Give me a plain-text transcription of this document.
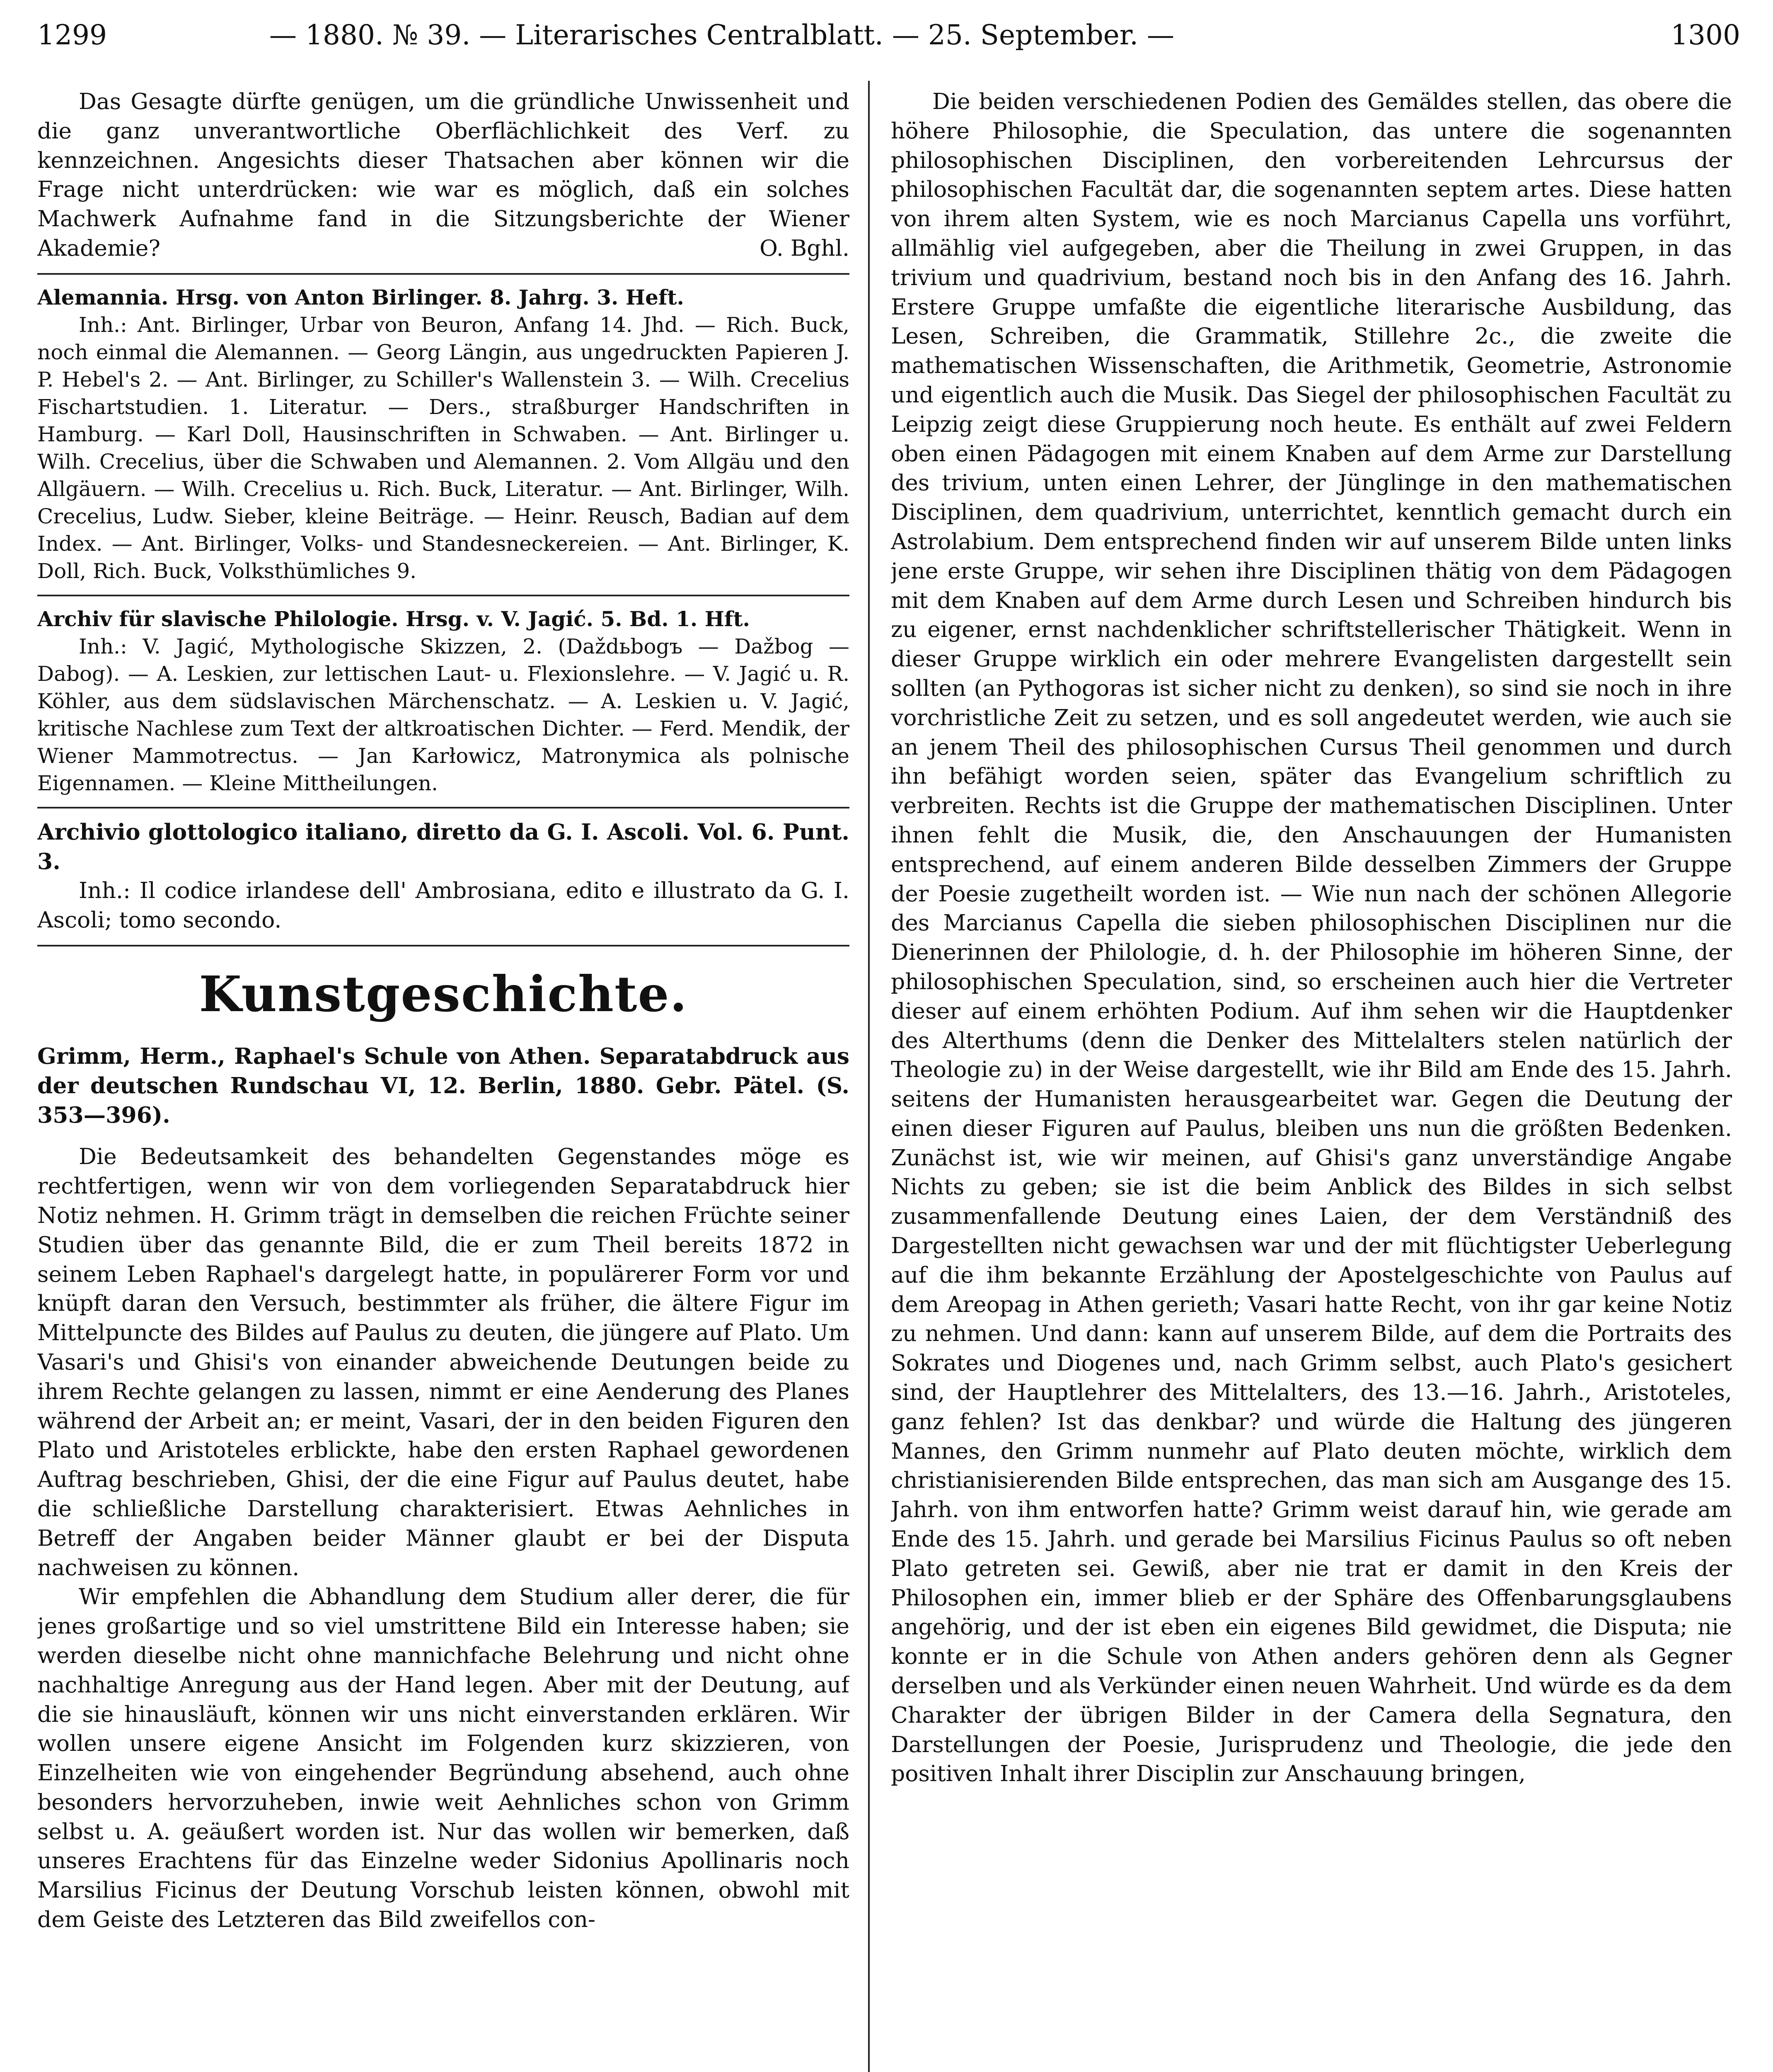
1299	— 1880. № 39. — Literarisches Centralblatt. — 25. September. —	1300

Das Gesagte dürfte genügen, um die gründliche Unwissenheit und die ganz unverantwortliche Oberflächlichkeit des Verf. zu kennzeichnen. Angesichts dieser Thatsachen aber können wir die Frage nicht unterdrücken: wie war es möglich, daß ein solches Machwerk Aufnahme fand in die Sitzungsberichte der Wiener Akademie?	O. Bghl.

Alemannia. Hrsg. von Anton Birlinger. 8. Jahrg. 3. Heft.

Inh.: Ant. Birlinger, Urbar von Beuron, Anfang 14. Jhd. — Rich. Buck, noch einmal die Alemannen. — Georg Längin, aus ungedruckten Papieren J. P. Hebel's 2. — Ant. Birlinger, zu Schiller's Wallenstein 3. — Wilh. Crecelius Fischartstudien. 1. Literatur. — Ders., straßburger Handschriften in Hamburg. — Karl Doll, Hausinschriften in Schwaben. — Ant. Birlinger u. Wilh. Crecelius, über die Schwaben und Alemannen. 2. Vom Allgäu und den Allgäuern. — Wilh. Crecelius u. Rich. Buck, Literatur. — Ant. Birlinger, Wilh. Crecelius, Ludw. Sieber, kleine Beiträge. — Heinr. Reusch, Badian auf dem Index. — Ant. Birlinger, Volks- und Standesneckereien. — Ant. Birlinger, K. Doll, Rich. Buck, Volksthümliches 9.

Archiv für slavische Philologie. Hrsg. v. V. Jagić. 5. Bd. 1. Hft.

Inh.: V. Jagić, Mythologische Skizzen, 2. (Daždьbogъ — Dažbog — Dabog). — A. Leskien, zur lettischen Laut- u. Flexionslehre. — V. Jagić u. R. Köhler, aus dem südslavischen Märchenschatz. — A. Leskien u. V. Jagić, kritische Nachlese zum Text der altkroatischen Dichter. — Ferd. Mendik, der Wiener Mammotrectus. — Jan Karłowicz, Matronymica als polnische Eigennamen. — Kleine Mittheilungen.

Archivio glottologico italiano, diretto da G. I. Ascoli. Vol. 6. Punt. 3.

Inh.: Il codice irlandese dell' Ambrosiana, edito e illustrato da G. I. Ascoli; tomo secondo.

Kunstgeschichte.

Grimm, Herm., Raphael's Schule von Athen. Separatabdruck aus der deutschen Rundschau VI, 12. Berlin, 1880. Gebr. Pätel. (S. 353—396).

Die Bedeutsamkeit des behandelten Gegenstandes möge es rechtfertigen, wenn wir von dem vorliegenden Separatabdruck hier Notiz nehmen. H. Grimm trägt in demselben die reichen Früchte seiner Studien über das genannte Bild, die er zum Theil bereits 1872 in seinem Leben Raphael's dargelegt hatte, in populärerer Form vor und knüpft daran den Versuch, bestimmter als früher, die ältere Figur im Mittelpuncte des Bildes auf Paulus zu deuten, die jüngere auf Plato. Um Vasari's und Ghisi's von einander abweichende Deutungen beide zu ihrem Rechte gelangen zu lassen, nimmt er eine Aenderung des Planes während der Arbeit an; er meint, Vasari, der in den beiden Figuren den Plato und Aristoteles erblickte, habe den ersten Raphael gewordenen Auftrag beschrieben, Ghisi, der die eine Figur auf Paulus deutet, habe die schließliche Darstellung charakterisiert. Etwas Aehnliches in Betreff der Angaben beider Männer glaubt er bei der Disputa nachweisen zu können.

Wir empfehlen die Abhandlung dem Studium aller derer, die für jenes großartige und so viel umstrittene Bild ein Interesse haben; sie werden dieselbe nicht ohne mannichfache Belehrung und nicht ohne nachhaltige Anregung aus der Hand legen. Aber mit der Deutung, auf die sie hinausläuft, können wir uns nicht einverstanden erklären. Wir wollen unsere eigene Ansicht im Folgenden kurz skizzieren, von Einzelheiten wie von eingehender Begründung absehend, auch ohne besonders hervorzuheben, inwie weit Aehnliches schon von Grimm selbst u. A. geäußert worden ist. Nur das wollen wir bemerken, daß unseres Erachtens für das Einzelne weder Sidonius Apollinaris noch Marsilius Ficinus der Deutung Vorschub leisten können, obwohl mit dem Geiste des Letzteren das Bild zweifellos con-

Die beiden verschiedenen Podien des Gemäldes stellen, das obere die höhere Philosophie, die Speculation, das untere die sogenannten philosophischen Disciplinen, den vorbereitenden Lehrcursus der philosophischen Facultät dar, die sogenannten septem artes. Diese hatten von ihrem alten System, wie es noch Marcianus Capella uns vorführt, allmählig viel aufgegeben, aber die Theilung in zwei Gruppen, in das trivium und quadrivium, bestand noch bis in den Anfang des 16. Jahrh. Erstere Gruppe umfaßte die eigentliche literarische Ausbildung, das Lesen, Schreiben, die Grammatik, Stillehre 2c., die zweite die mathematischen Wissenschaften, die Arithmetik, Geometrie, Astronomie und eigentlich auch die Musik. Das Siegel der philosophischen Facultät zu Leipzig zeigt diese Gruppierung noch heute. Es enthält auf zwei Feldern oben einen Pädagogen mit einem Knaben auf dem Arme zur Darstellung des trivium, unten einen Lehrer, der Jünglinge in den mathematischen Disciplinen, dem quadrivium, unterrichtet, kenntlich gemacht durch ein Astrolabium. Dem entsprechend finden wir auf unserem Bilde unten links jene erste Gruppe, wir sehen ihre Disciplinen thätig von dem Pädagogen mit dem Knaben auf dem Arme durch Lesen und Schreiben hindurch bis zu eigener, ernst nachdenklicher schriftstellerischer Thätigkeit. Wenn in dieser Gruppe wirklich ein oder mehrere Evangelisten dargestellt sein sollten (an Pythogoras ist sicher nicht zu denken), so sind sie noch in ihre vorchristliche Zeit zu setzen, und es soll angedeutet werden, wie auch sie an jenem Theil des philosophischen Cursus Theil genommen und durch ihn befähigt worden seien, später das Evangelium schriftlich zu verbreiten. Rechts ist die Gruppe der mathematischen Disciplinen. Unter ihnen fehlt die Musik, die, den Anschauungen der Humanisten entsprechend, auf einem anderen Bilde desselben Zimmers der Gruppe der Poesie zugetheilt worden ist. — Wie nun nach der schönen Allegorie des Marcianus Capella die sieben philosophischen Disciplinen nur die Dienerinnen der Philologie, d. h. der Philosophie im höheren Sinne, der philosophischen Speculation, sind, so erscheinen auch hier die Vertreter dieser auf einem erhöhten Podium. Auf ihm sehen wir die Hauptdenker des Alterthums (denn die Denker des Mittelalters stelen natürlich der Theologie zu) in der Weise dargestellt, wie ihr Bild am Ende des 15. Jahrh. seitens der Humanisten herausgearbeitet war. Gegen die Deutung der einen dieser Figuren auf Paulus, bleiben uns nun die größten Bedenken. Zunächst ist, wie wir meinen, auf Ghisi's ganz unverständige Angabe Nichts zu geben; sie ist die beim Anblick des Bildes in sich selbst zusammenfallende Deutung eines Laien, der dem Verständniß des Dargestellten nicht gewachsen war und der mit flüchtigster Ueberlegung auf die ihm bekannte Erzählung der Apostelgeschichte von Paulus auf dem Areopag in Athen gerieth; Vasari hatte Recht, von ihr gar keine Notiz zu nehmen. Und dann: kann auf unserem Bilde, auf dem die Portraits des Sokrates und Diogenes und, nach Grimm selbst, auch Plato's gesichert sind, der Hauptlehrer des Mittelalters, des 13.—16. Jahrh., Aristoteles, ganz fehlen? Ist das denkbar? und würde die Haltung des jüngeren Mannes, den Grimm nunmehr auf Plato deuten möchte, wirklich dem christianisierenden Bilde entsprechen, das man sich am Ausgange des 15. Jahrh. von ihm entworfen hatte? Grimm weist darauf hin, wie gerade am Ende des 15. Jahrh. und gerade bei Marsilius Ficinus Paulus so oft neben Plato getreten sei. Gewiß, aber nie trat er damit in den Kreis der Philosophen ein, immer blieb er der Sphäre des Offenbarungsglaubens angehörig, und der ist eben ein eigenes Bild gewidmet, die Disputa; nie konnte er in die Schule von Athen anders gehören denn als Gegner derselben und als Verkünder einen neuen Wahrheit. Und würde es da dem Charakter der übrigen Bilder in der Camera della Segnatura, den Darstellungen der Poesie, Jurisprudenz und Theologie, die jede den positiven Inhalt ihrer Disciplin zur Anschauung bringen,
